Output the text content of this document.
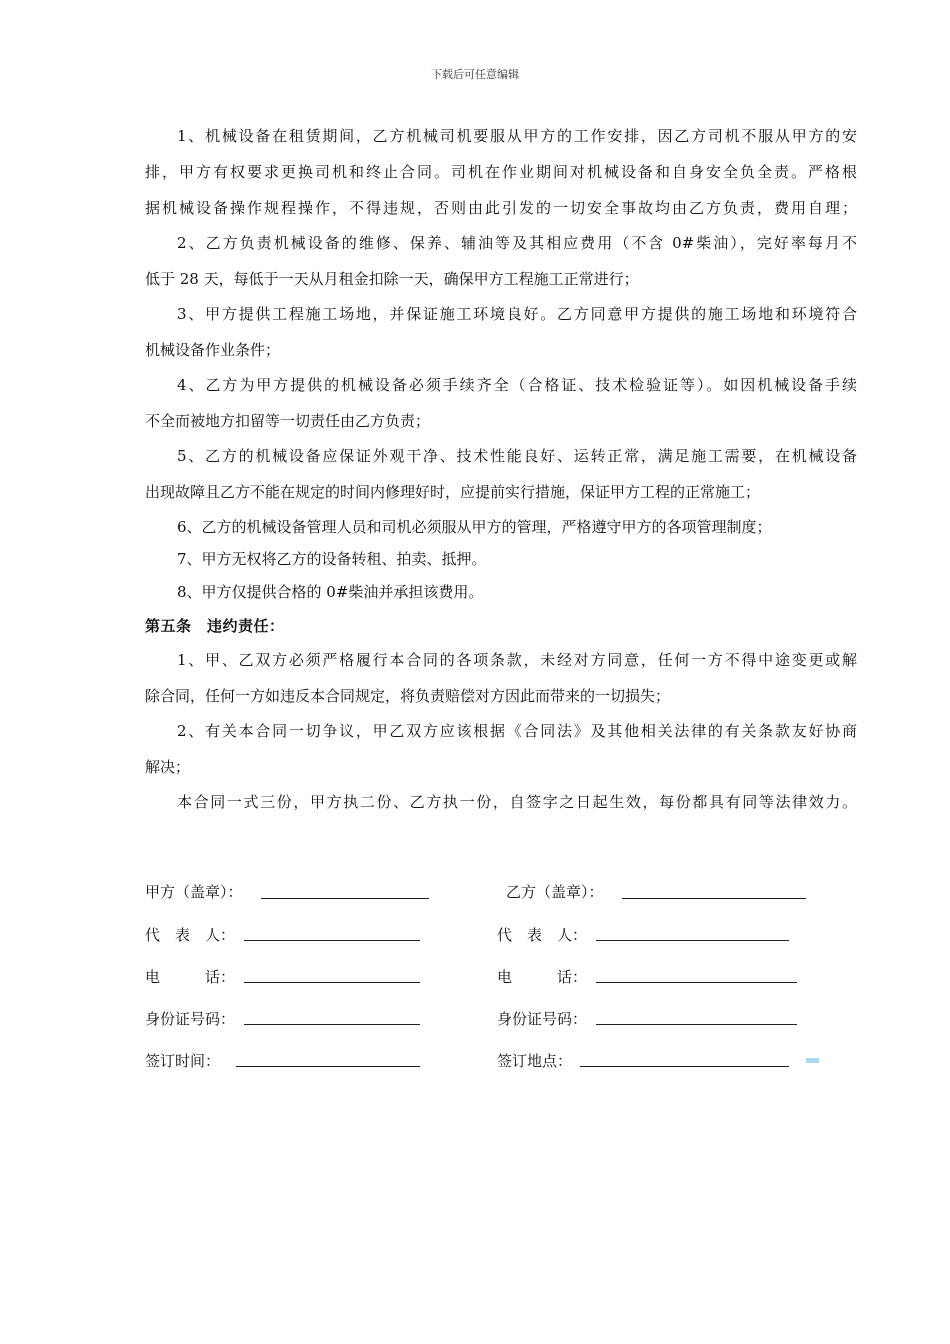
下载后可任意编辑
1、机械设备在租赁期间，乙方机械司机要服从甲方的工作安排，因乙方司机不服从甲方的安
排，甲方有权要求更换司机和终止合同。司机在作业期间对机械设备和自身安全负全责。严格根
据机械设备操作规程操作，不得违规，否则由此引发的一切安全事故均由乙方负责，费用自理；
2、乙方负责机械设备的维修、保养、辅油等及其相应费用（不含 0#柴油），完好率每月不
低于 28 天，每低于一天从月租金扣除一天，确保甲方工程施工正常进行；
3、甲方提供工程施工场地，并保证施工环境良好。乙方同意甲方提供的施工场地和环境符合
机械设备作业条件；
4、乙方为甲方提供的机械设备必须手续齐全（合格证、技术检验证等）。如因机械设备手续
不全而被地方扣留等一切责任由乙方负责；
5、乙方的机械设备应保证外观干净、技术性能良好、运转正常，满足施工需要，在机械设备
出现故障且乙方不能在规定的时间内修理好时，应提前实行措施，保证甲方工程的正常施工；
6、乙方的机械设备管理人员和司机必须服从甲方的管理，严格遵守甲方的各项管理制度；
7、甲方无权将乙方的设备转租、拍卖、抵押。
8、甲方仅提供合格的 0#柴油并承担该费用。
第五条　违约责任：
1、甲、乙双方必须严格履行本合同的各项条款，未经对方同意，任何一方不得中途变更或解
除合同，任何一方如违反本合同规定，将负责赔偿对方因此而带来的一切损失；
2、有关本合同一切争议，甲乙双方应该根据《合同法》及其他相关法律的有关条款友好协商
解决；
本合同一式三份，甲方执二份、乙方执一份，自签字之日起生效，每份都具有同等法律效力。
甲方（盖章）：
代　表　人：
电　　　话：
身份证号码：
签订时间：
乙方（盖章）：
代　表　人：
电　　　话：
身份证号码：
签订地点：
